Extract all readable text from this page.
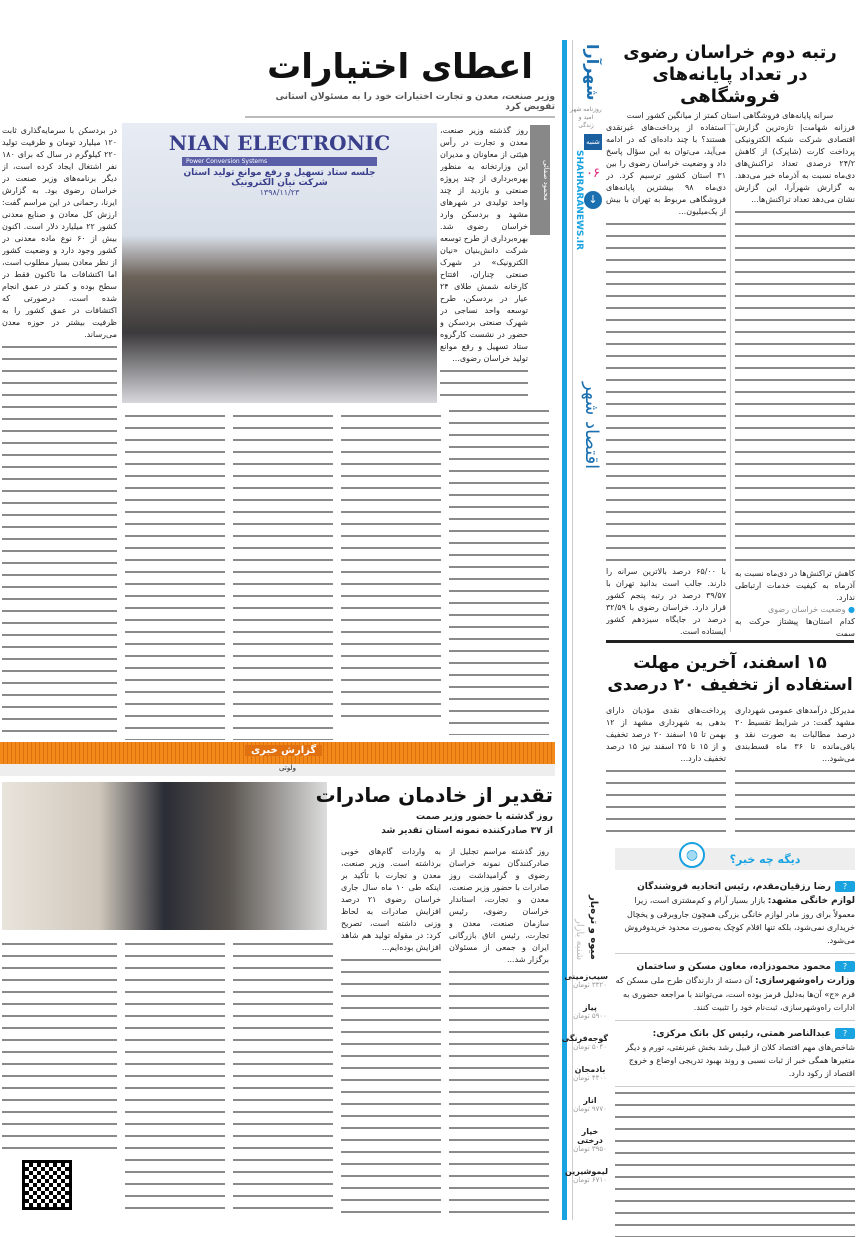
شهرآرا
روزنامه شهر امید و زندگی
شنبه
۰۶
↓
اقتصاد شهر
SHAHRARANEWS.IR
شنبه بازار میوه و تره‌بار
سیب‌زمینی
۳۳۲۰ تومان
پیاز
۵۹۰۰ تومان
گوجه‌فرنگی
۵۰۴۰ تومان
بادمجان
۴۴۰۰ تومان
انار
۹۷۷۰ تومان
خیار درختی
۳۹۵۰ تومان
لیموشیرین
۶۷۱۰ تومان
رتبه دوم خراسان رضوی
در تعداد پایانه‌های فروشگاهی
سرانه پایانه‌های فروشگاهی استان کمتر از میانگین کشور است

فرزانه شهامت| تازه‌ترین گزارش اقتصادی شرکت شبکه الکترونیکی پرداخت کارت (شاپرک) از کاهش ۲۴/۲ درصدی تعداد تراکنش‌های دی‌ماه نسبت به آذرماه خبر می‌دهد. به گزارش شهرآرا، این گزارش نشان می‌دهد تعداد تراکنش‌ها...

استفاده از پرداخت‌های غیرنقدی هستند؟ با چند داده‌ای که در ادامه می‌آید، می‌توان به این سؤال پاسخ داد و وضعیت خراسان رضوی را بین ۳۱ استان کشور ترسیم کرد. در دی‌ماه ۹۸ بیشترین پایانه‌های فروشگاهی مربوط به تهران با بیش از یک‌میلیون...

با ۶۵/۰۰ درصد بالاترین سرانه را دارند. جالب است بدانید تهران با ۳۹/۵۷ درصد در رتبه پنجم کشور قرار دارد. خراسان رضوی با ۳۲/۵۹ درصد در جایگاه سیزدهم کشور ایستاده است.

کاهش تراکنش‌ها در دی‌ماه نسبت به آذرماه به کیفیت خدمات ارتباطی ندارد.

● وضعیت خراسان رضوی

کدام استان‌ها پیشتاز حرکت به سمت

۱۵ اسفند، آخرین مهلت
استفاده از تخفیف ۲۰ درصدی

مدیرکل درآمدهای عمومی شهرداری مشهد گفت: در شرایط تقسیط ۲۰ درصد مطالبات به صورت نقد و باقی‌مانده تا ۳۶ ماه قسط‌بندی می‌شود...

پرداخت‌های نقدی مؤدیان دارای بدهی به شهرداری مشهد از ۱۲ بهمن تا ۱۵ اسفند ۲۰ درصد تخفیف و از ۱۵ تا ۲۵ اسفند نیز ۱۵ درصد تخفیف دارد...

◍	دیگه چه خبر؟
?رضا رزقیان‌مقدم، رئیس اتحادیه فروشندگان لوازم خانگی مشهد: بازار بسیار آرام و کم‌مشتری است، زیرا معمولاً برای روز مادر لوازم خانگی بزرگی همچون جاروبرقی و یخچال خریداری نمی‌شود، بلکه تنها اقلام کوچک به‌صورت محدود خریدوفروش می‌شود.
?محمود محمودزاده، معاون مسکن و ساختمان وزارت راه‌وشهرسازی: آن دسته از دارندگان طرح ملی مسکن که فرم «ج» آن‌ها به‌دلیل قرمز بوده است، می‌توانند با مراجعه حضوری به ادارات راه‌وشهرسازی، ثبت‌نام خود را تثبیت کنند.
?عبدالناصر همتی، رئیس کل بانک مرکزی: شاخص‌های مهم اقتصاد کلان از قبیل رشد بخش غیرنفتی، تورم و دیگر متغیرها همگی خبر از ثبات نسبی و روند بهبود تدریجی اوضاع و خروج اقتصاد از رکود دارد.
اعطای اختیارات
وزیر صنعت، معدن و تجارت اختیارات خود را به مسئولان استانی تفویض کرد
محمود صفائی

روز گذشته وزیر صنعت، معدن و تجارت در رأس هیئتی از معاونان و مدیران این وزارتخانه به منظور بهره‌برداری از چند پروژه صنعتی و بازدید از چند واحد تولیدی در شهرهای مشهد و بردسکن وارد خراسان رضوی شد. بهره‌برداری از طرح توسعه شرکت دانش‌بنیان «نیان الکترونیک» در شهرک صنعتی چناران، افتتاح کارخانه شمش طلای ۲۴ عیار در بردسکن، طرح توسعه واحد نساجی در شهرک صنعتی بردسکن و حضور در نشست کارگروه ستاد تسهیل و رفع موانع تولید خراسان رضوی...

NIAN ELECTRONIC
Power Conversion Systems
جلسه ستاد تسهیل و رفع موانع تولید استان
شرکت نیان الکترونیک
۱۳۹۸/۱۱/۲۳

در بردسکن با سرمایه‌گذاری ثابت ۱۲۰ میلیارد تومان و ظرفیت تولید ۲۲۰ کیلوگرم در سال که برای ۱۸۰ نفر اشتغال ایجاد کرده است، از دیگر برنامه‌های وزیر صنعت در خراسان رضوی بود. به گزارش ایرنا، رحمانی در این مراسم گفت: ارزش کل معادن و صنایع معدنی کشور ۲۲ میلیارد دلار است. اکنون بیش از ۶۰ نوع ماده معدنی در کشور وجود دارد و وضعیت کشور از نظر معادن بسیار مطلوب است، اما اکتشافات ما تاکنون فقط در سطح بوده و کمتر در عمق انجام شده است، درصورتی که اکتشافات در عمق کشور را به ظرفیت بیشتر در حوزه معدن می‌رساند.

گزارش خبری
ولوتی
تقدیر از خادمان صادرات
روز گذشته با حضور وزیر صمت
از ۳۷ صادرکننده نمونه استان تقدیر شد

روز گذشته مراسم تجلیل از صادرکنندگان نمونه خراسان رضوی و گرامیداشت روز صادرات با حضور وزیر صنعت، معدن و تجارت، استاندار خراسان رضوی، رئیس سازمان صنعت، معدن و تجارت، رئیس اتاق بازرگانی ایران و جمعی از مسئولان برگزار شد...

به واردات گام‌های خوبی برداشته است. وزیر صنعت، معدن و تجارت با تأکید بر اینکه طی ۱۰ ماه سال جاری خراسان رضوی ۲۱ درصد افزایش صادرات به لحاظ وزنی داشته است، تصریح کرد: در مقوله تولید هم شاهد افزایش بوده‌ایم...
